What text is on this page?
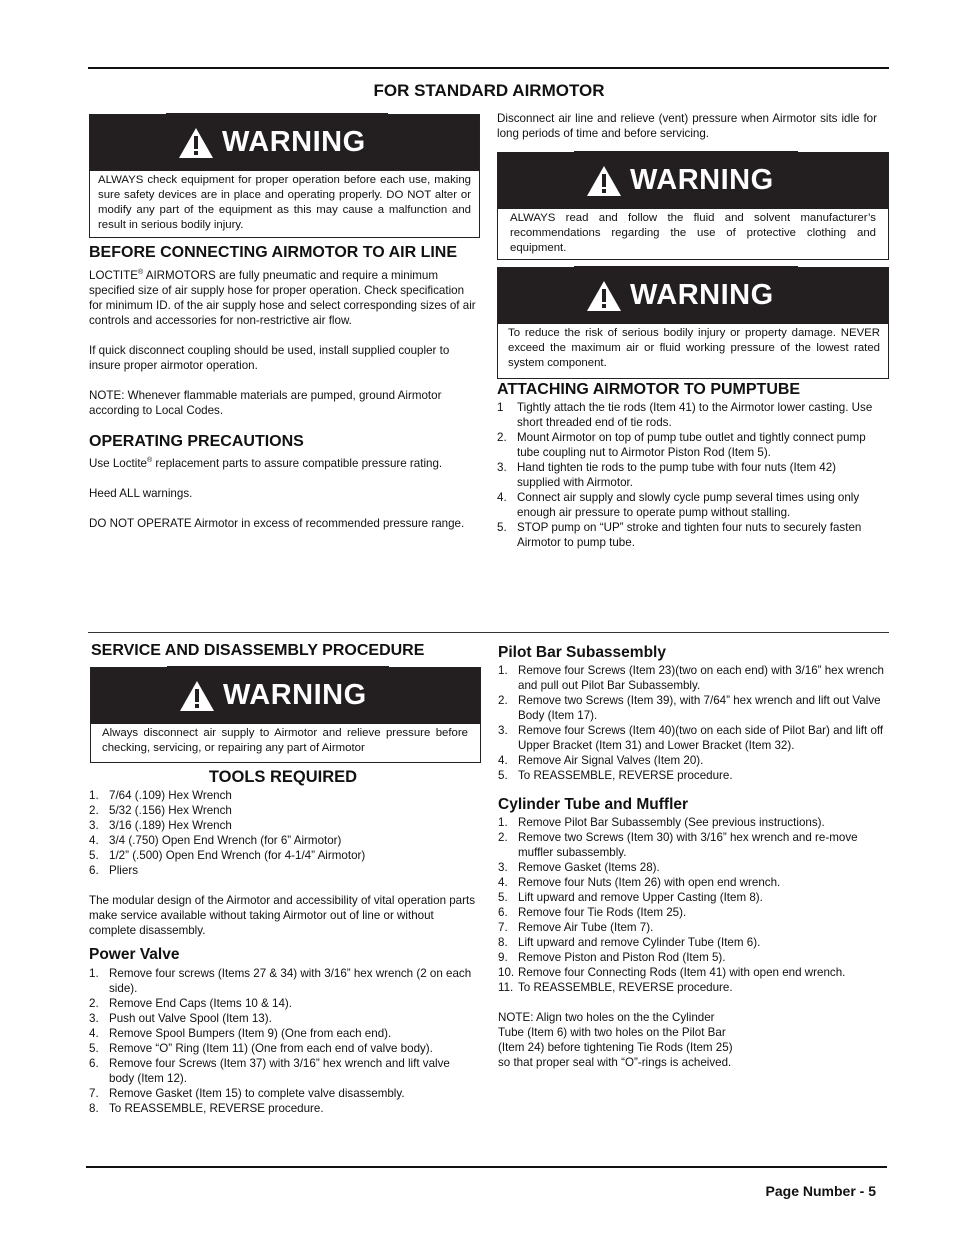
FOR STANDARD AIRMOTOR
WARNING
ALWAYS check equipment for proper operation before each use, making sure safety devices are in place and operating properly. DO NOT alter or modify any part of the equipment as this may cause a malfunction and result in serious bodily injury.
BEFORE CONNECTING AIRMOTOR TO AIR LINE

LOCTITE® AIRMOTORS are fully pneumatic and require a minimum specified size of air supply hose for proper operation. Check specification for minimum ID. of the air supply hose and select corresponding sizes of air controls and accessories for non-restrictive air flow.

If quick disconnect coupling should be used, install supplied coupler to insure proper airmotor operation.

NOTE: Whenever flammable materials are pumped, ground Airmotor according to Local Codes.

OPERATING PRECAUTIONS

Use Loctite® replacement parts to assure compatible pressure rating.

Heed ALL warnings.

DO NOT OPERATE Airmotor in excess of recommended pressure range.

Disconnect air line and relieve (vent) pressure when Airmotor sits idle for long periods of time and before servicing.

WARNING
ALWAYS read and follow the fluid and solvent manufacturer’s recommendations regarding the use of protective clothing and equipment.
WARNING
To reduce the risk of serious bodily injury or property damage. NEVER exceed the maximum air or fluid working pressure of the lowest rated system component.
ATTACHING AIRMOTOR TO PUMPTUBE
1 Tightly attach the tie rods (Item 41) to the Airmotor lower casting. Use short threaded end of tie rods.
2. Mount Airmotor on top of pump tube outlet and tightly connect pump tube coupling nut to Airmotor Piston Rod (Item 5).
3. Hand tighten tie rods to the pump tube with four nuts (Item 42) supplied with Airmotor.
4. Connect air supply and slowly cycle pump several times using only enough air pressure to operate pump without stalling.
5. STOP pump on “UP” stroke and tighten four nuts to securely fasten Airmotor to pump tube.
SERVICE AND DISASSEMBLY PROCEDURE
WARNING
Always disconnect air supply to Airmotor and relieve pressure before checking, servicing, or repairing any part of Airmotor
TOOLS REQUIRED
1. 7/64 (.109) Hex Wrench
2. 5/32 (.156) Hex Wrench
3. 3/16 (.189) Hex Wrench
4. 3/4 (.750) Open End Wrench (for 6” Airmotor)
5. 1/2” (.500) Open End Wrench (for 4-1/4” Airmotor)
6. Pliers

The modular design of the Airmotor and accessibility of vital operation parts make service available without taking Airmotor out of line or without complete disassembly.

Power Valve
1. Remove four screws (Items 27 & 34) with 3/16” hex wrench (2 on each side).
2. Remove End Caps (Items 10 & 14).
3. Push out Valve Spool (Item 13).
4. Remove Spool Bumpers (Item 9) (One from each end).
5. Remove “O” Ring (Item 11) (One from each end of valve body).
6. Remove four Screws (Item 37) with 3/16” hex wrench and lift valve body (Item 12).
7. Remove Gasket (Item 15) to complete valve disassembly.
8. To REASSEMBLE, REVERSE procedure.
Pilot Bar Subassembly
1. Remove four Screws (Item 23)(two on each end) with 3/16” hex wrench and pull out Pilot Bar Subassembly.
2. Remove two Screws (Item 39), with 7/64” hex wrench and lift out Valve Body (Item 17).
3. Remove four Screws (Item 40)(two on each side of Pilot Bar) and lift off Upper Bracket (Item 31) and Lower Bracket (Item 32).
4. Remove Air Signal Valves (Item 20).
5. To REASSEMBLE, REVERSE procedure.
Cylinder Tube and Muffler
1. Remove Pilot Bar Subassembly (See previous instructions).
2. Remove two Screws (Item 30) with 3/16” hex wrench and re-move muffler subassembly.
3. Remove Gasket (Items 28).
4. Remove four Nuts (Item 26) with open end wrench.
5. Lift upward and remove Upper Casting (Item 8).
6. Remove four Tie Rods (Item 25).
7. Remove Air Tube (Item 7).
8. Lift upward and remove Cylinder Tube (Item 6).
9. Remove Piston and Piston Rod (Item 5).
10. Remove four Connecting Rods (Item 41) with open end wrench.
11. To REASSEMBLE, REVERSE procedure.

NOTE: Align two holes on the the Cylinder

Tube (Item 6) with two holes on the Pilot Bar

(Item 24) before tightening Tie Rods (Item 25)

so that proper seal with “O”-rings is acheived.

Page Number - 5
